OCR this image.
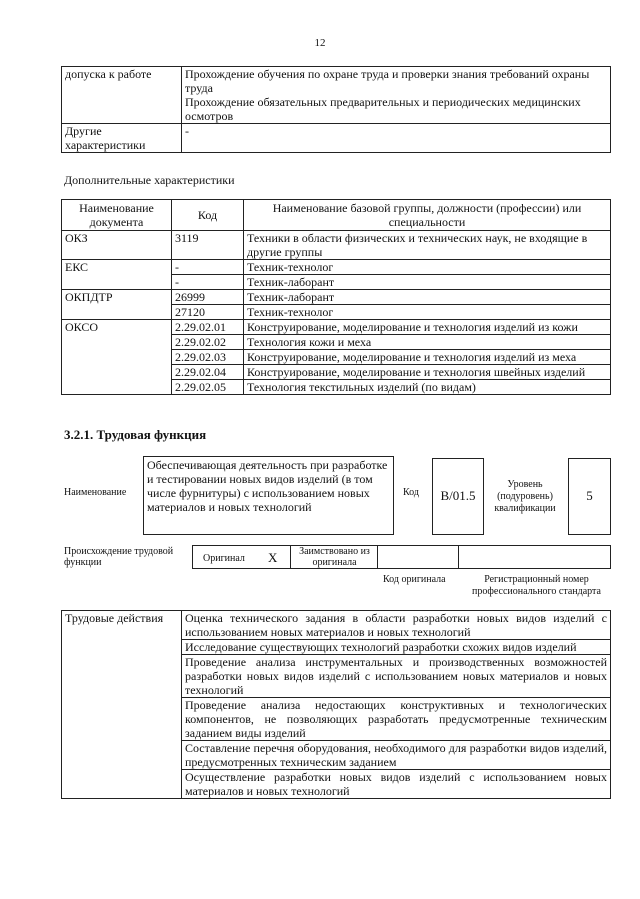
12
допуска к работе	Прохождение обучения по охране труда и проверки знания требований охраны труда
Прохождение обязательных предварительных и периодических медицинских осмотров

Другие характеристики	-
Дополнительные характеристики
Наименование документа	Код	Наименование базовой группы, должности (профессии) или специальности
ОКЗ	3119	Техники в области физических и технических наук, не входящие в другие группы
ЕКС	-	Техник-технолог
	-	Техник-лаборант
ОКПДТР	26999	Техник-лаборант
	27120	Техник-технолог
ОКСО	2.29.02.01	Конструирование, моделирование и технология изделий из кожи
	2.29.02.02	Технология кожи и меха
	2.29.02.03	Конструирование, моделирование и технология изделий из меха
	2.29.02.04	Конструирование, моделирование и технология швейных изделий
	2.29.02.05	Технология текстильных изделий (по видам)
3.2.1. Трудовая функция
Наименование
Обеспечивающая деятельность при разработке и тестировании новых видов изделий (в том числе фурнитуры) с использованием новых материалов и новых технологий
Код	B/01.5
Уровень (подуровень) квалификации
5
Происхождение трудовой функции	Оригинал X	Заимствовано из оригинала
Код оригинала	Регистрационный номер профессионального стандарта
Трудовые действия	Оценка технического задания в области разработки новых видов изделий с использованием новых материалов и новых технологий
Исследование существующих технологий разработки схожих видов изделий
Проведение анализа инструментальных и производственных возможностей разработки новых видов изделий с использованием новых материалов и новых технологий
Проведение анализа недостающих конструктивных и технологических компонентов, не позволяющих разработать предусмотренные техническим заданием виды изделий
Составление перечня оборудования, необходимого для разработки видов изделий, предусмотренных техническим заданием
Осуществление разработки новых видов изделий с использованием новых материалов и новых технологий
